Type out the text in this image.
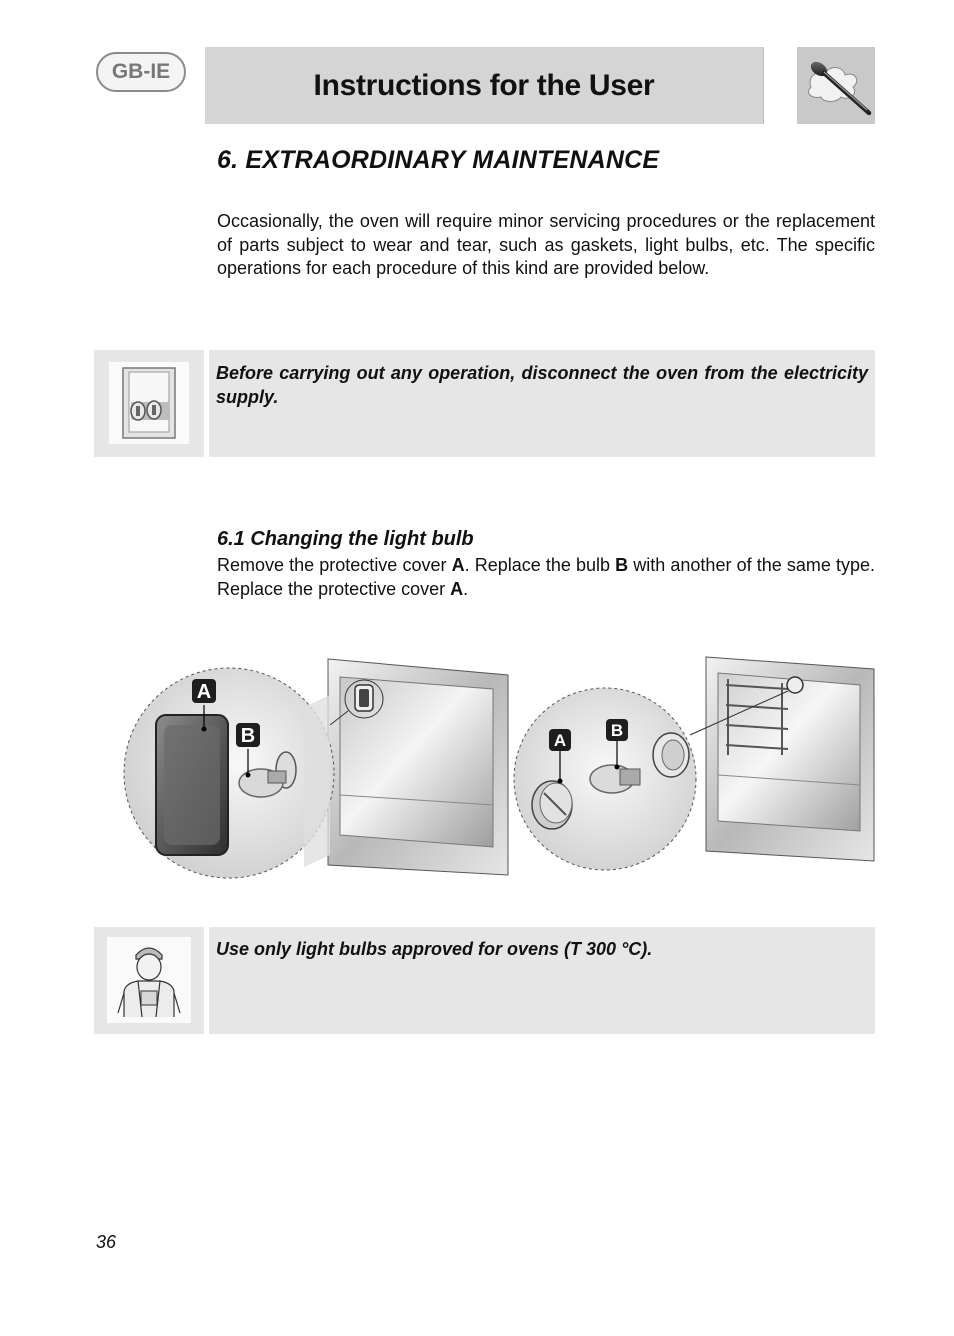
GB-IE	Instructions for the User
6. EXTRAORDINARY MAINTENANCE
Occasionally, the oven will require minor servicing procedures or the replacement of parts subject to wear and tear, such as gaskets, light bulbs, etc. The specific operations for each procedure of this kind are provided below.
Before carrying out any operation, disconnect the oven from the electricity supply.
6.1 Changing the light bulb
Remove the protective cover A. Replace the bulb B with another of the same type. Replace the protective cover A.
A
B	A
B
Use only light bulbs approved for ovens (T 300 °C).
36
